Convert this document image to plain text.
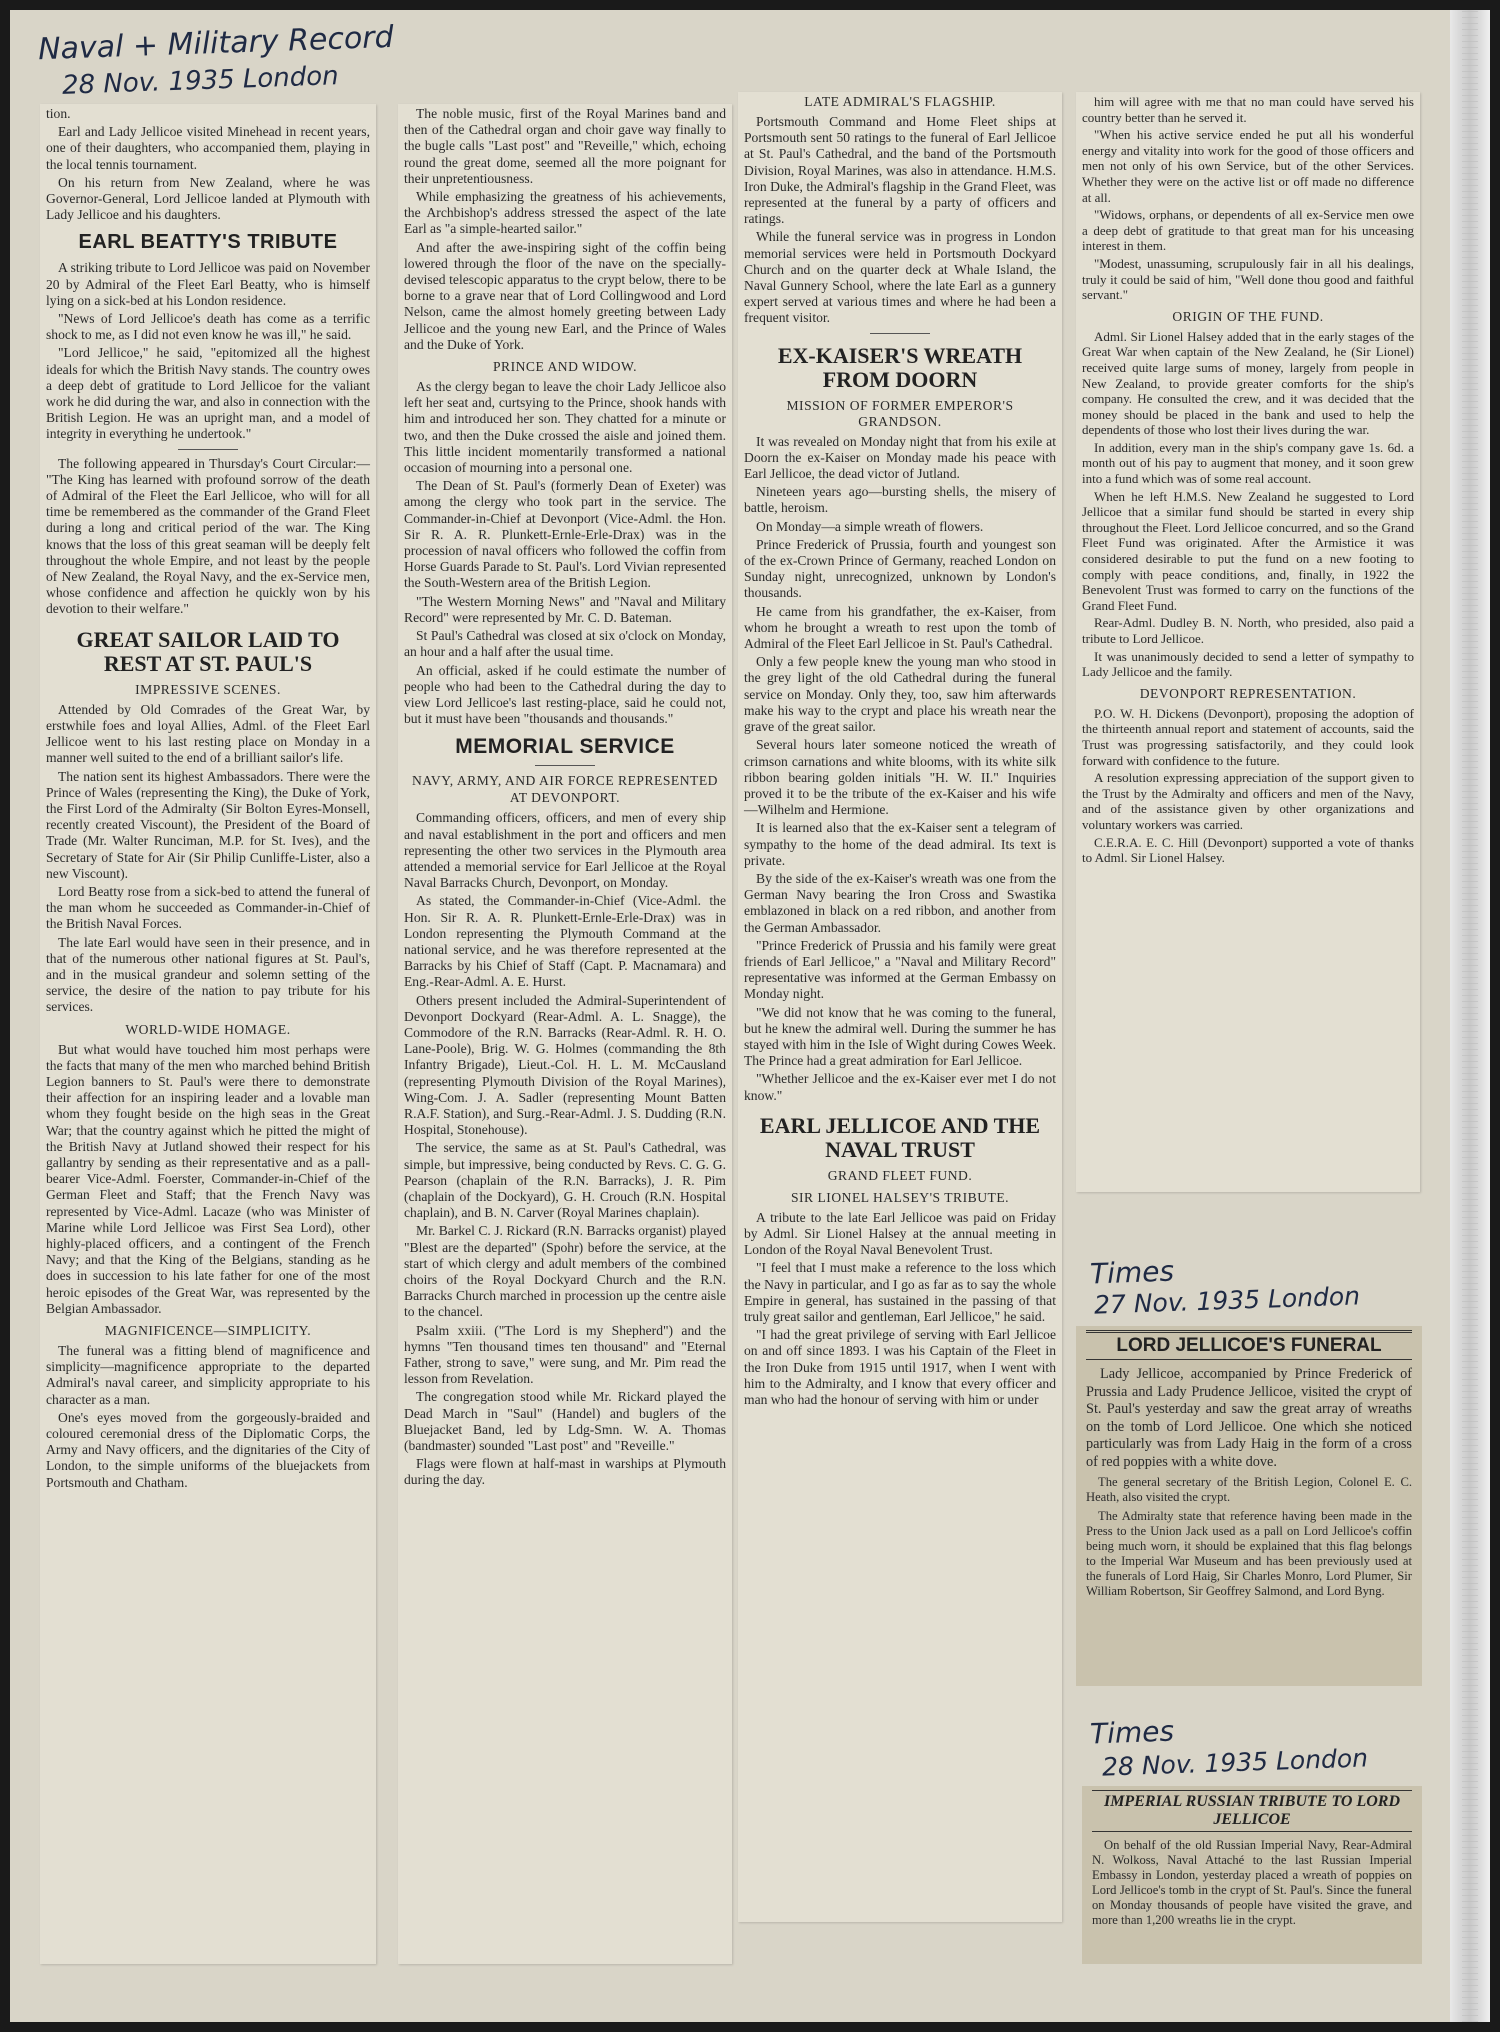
Naval + Military Record
28 Nov. 1935 London

tion.

Earl and Lady Jellicoe visited Minehead in recent years, one of their daughters, who accompanied them, playing in the local tennis tournament.

On his return from New Zealand, where he was Governor-General, Lord Jellicoe landed at Plymouth with Lady Jellicoe and his daughters.

EARL BEATTY'S TRIBUTE

A striking tribute to Lord Jellicoe was paid on November 20 by Admiral of the Fleet Earl Beatty, who is himself lying on a sick-bed at his London residence.

"News of Lord Jellicoe's death has come as a terrific shock to me, as I did not even know he was ill," he said.

"Lord Jellicoe," he said, "epitomized all the highest ideals for which the British Navy stands. The country owes a deep debt of gratitude to Lord Jellicoe for the valiant work he did during the war, and also in connection with the British Legion. He was an upright man, and a model of integrity in everything he undertook."

The following appeared in Thursday's Court Circular:— "The King has learned with profound sorrow of the death of Admiral of the Fleet the Earl Jellicoe, who will for all time be remembered as the commander of the Grand Fleet during a long and critical period of the war. The King knows that the loss of this great seaman will be deeply felt throughout the whole Empire, and not least by the people of New Zealand, the Royal Navy, and the ex-Service men, whose confidence and affection he quickly won by his devotion to their welfare."

GREAT SAILOR LAID TO REST AT ST. PAUL'S
IMPRESSIVE SCENES.

Attended by Old Comrades of the Great War, by erstwhile foes and loyal Allies, Adml. of the Fleet Earl Jellicoe went to his last resting place on Monday in a manner well suited to the end of a brilliant sailor's life.

The nation sent its highest Ambassadors. There were the Prince of Wales (representing the King), the Duke of York, the First Lord of the Admiralty (Sir Bolton Eyres-Monsell, recently created Viscount), the President of the Board of Trade (Mr. Walter Runciman, M.P. for St. Ives), and the Secretary of State for Air (Sir Philip Cunliffe-Lister, also a new Viscount).

Lord Beatty rose from a sick-bed to attend the funeral of the man whom he succeeded as Commander-in-Chief of the British Naval Forces.

The late Earl would have seen in their presence, and in that of the numerous other national figures at St. Paul's, and in the musical grandeur and solemn setting of the service, the desire of the nation to pay tribute for his services.

WORLD-WIDE HOMAGE.

But what would have touched him most perhaps were the facts that many of the men who marched behind British Legion banners to St. Paul's were there to demonstrate their affection for an inspiring leader and a lovable man whom they fought beside on the high seas in the Great War; that the country against which he pitted the might of the British Navy at Jutland showed their respect for his gallantry by sending as their representative and as a pall-bearer Vice-Adml. Foerster, Commander-in-Chief of the German Fleet and Staff; that the French Navy was represented by Vice-Adml. Lacaze (who was Minister of Marine while Lord Jellicoe was First Sea Lord), other highly-placed officers, and a contingent of the French Navy; and that the King of the Belgians, standing as he does in succession to his late father for one of the most heroic episodes of the Great War, was represented by the Belgian Ambassador.

MAGNIFICENCE—SIMPLICITY.

The funeral was a fitting blend of magnificence and simplicity—magnificence appropriate to the departed Admiral's naval career, and simplicity appropriate to his character as a man.

One's eyes moved from the gorgeously-braided and coloured ceremonial dress of the Diplomatic Corps, the Army and Navy officers, and the dignitaries of the City of London, to the simple uniforms of the bluejackets from Portsmouth and Chatham.

The noble music, first of the Royal Marines band and then of the Cathedral organ and choir gave way finally to the bugle calls "Last post" and "Reveille," which, echoing round the great dome, seemed all the more poignant for their unpretentiousness.

While emphasizing the greatness of his achievements, the Archbishop's address stressed the aspect of the late Earl as "a simple-hearted sailor."

And after the awe-inspiring sight of the coffin being lowered through the floor of the nave on the specially-devised telescopic apparatus to the crypt below, there to be borne to a grave near that of Lord Collingwood and Lord Nelson, came the almost homely greeting between Lady Jellicoe and the young new Earl, and the Prince of Wales and the Duke of York.

PRINCE AND WIDOW.

As the clergy began to leave the choir Lady Jellicoe also left her seat and, curtsying to the Prince, shook hands with him and introduced her son. They chatted for a minute or two, and then the Duke crossed the aisle and joined them. This little incident momentarily transformed a national occasion of mourning into a personal one.

The Dean of St. Paul's (formerly Dean of Exeter) was among the clergy who took part in the service. The Commander-in-Chief at Devonport (Vice-Adml. the Hon. Sir R. A. R. Plunkett-Ernle-Erle-Drax) was in the procession of naval officers who followed the coffin from Horse Guards Parade to St. Paul's. Lord Vivian represented the South-Western area of the British Legion.

"The Western Morning News" and "Naval and Military Record" were represented by Mr. C. D. Bateman.

St Paul's Cathedral was closed at six o'clock on Monday, an hour and a half after the usual time.

An official, asked if he could estimate the number of people who had been to the Cathedral during the day to view Lord Jellicoe's last resting-place, said he could not, but it must have been "thousands and thousands."

MEMORIAL SERVICE
NAVY, ARMY, AND AIR FORCE REPRESENTED AT DEVONPORT.

Commanding officers, officers, and men of every ship and naval establishment in the port and officers and men representing the other two services in the Plymouth area attended a memorial service for Earl Jellicoe at the Royal Naval Barracks Church, Devonport, on Monday.

As stated, the Commander-in-Chief (Vice-Adml. the Hon. Sir R. A. R. Plunkett-Ernle-Erle-Drax) was in London representing the Plymouth Command at the national service, and he was therefore represented at the Barracks by his Chief of Staff (Capt. P. Macnamara) and Eng.-Rear-Adml. A. E. Hurst.

Others present included the Admiral-Superintendent of Devonport Dockyard (Rear-Adml. A. L. Snagge), the Commodore of the R.N. Barracks (Rear-Adml. R. H. O. Lane-Poole), Brig. W. G. Holmes (commanding the 8th Infantry Brigade), Lieut.-Col. H. L. M. McCausland (representing Plymouth Division of the Royal Marines), Wing-Com. J. A. Sadler (representing Mount Batten R.A.F. Station), and Surg.-Rear-Adml. J. S. Dudding (R.N. Hospital, Stonehouse).

The service, the same as at St. Paul's Cathedral, was simple, but impressive, being conducted by Revs. C. G. G. Pearson (chaplain of the R.N. Barracks), J. R. Pim (chaplain of the Dockyard), G. H. Crouch (R.N. Hospital chaplain), and B. N. Carver (Royal Marines chaplain).

Mr. Barkel C. J. Rickard (R.N. Barracks organist) played "Blest are the departed" (Spohr) before the service, at the start of which clergy and adult members of the combined choirs of the Royal Dockyard Church and the R.N. Barracks Church marched in procession up the centre aisle to the chancel.

Psalm xxiii. ("The Lord is my Shepherd") and the hymns "Ten thousand times ten thousand" and "Eternal Father, strong to save," were sung, and Mr. Pim read the lesson from Revelation.

The congregation stood while Mr. Rickard played the Dead March in "Saul" (Handel) and buglers of the Bluejacket Band, led by Ldg-Smn. W. A. Thomas (bandmaster) sounded "Last post" and "Reveille."

Flags were flown at half-mast in warships at Plymouth during the day.

LATE ADMIRAL'S FLAGSHIP.

Portsmouth Command and Home Fleet ships at Portsmouth sent 50 ratings to the funeral of Earl Jellicoe at St. Paul's Cathedral, and the band of the Portsmouth Division, Royal Marines, was also in attendance. H.M.S. Iron Duke, the Admiral's flagship in the Grand Fleet, was represented at the funeral by a party of officers and ratings.

While the funeral service was in progress in London memorial services were held in Portsmouth Dockyard Church and on the quarter deck at Whale Island, the Naval Gunnery School, where the late Earl as a gunnery expert served at various times and where he had been a frequent visitor.

EX-KAISER'S WREATH FROM DOORN
MISSION OF FORMER EMPEROR'S GRANDSON.

It was revealed on Monday night that from his exile at Doorn the ex-Kaiser on Monday made his peace with Earl Jellicoe, the dead victor of Jutland.

Nineteen years ago—bursting shells, the misery of battle, heroism.

On Monday—a simple wreath of flowers.

Prince Frederick of Prussia, fourth and youngest son of the ex-Crown Prince of Germany, reached London on Sunday night, unrecognized, unknown by London's thousands.

He came from his grandfather, the ex-Kaiser, from whom he brought a wreath to rest upon the tomb of Admiral of the Fleet Earl Jellicoe in St. Paul's Cathedral.

Only a few people knew the young man who stood in the grey light of the old Cathedral during the funeral service on Monday. Only they, too, saw him afterwards make his way to the crypt and place his wreath near the grave of the great sailor.

Several hours later someone noticed the wreath of crimson carnations and white blooms, with its white silk ribbon bearing golden initials "H. W. II." Inquiries proved it to be the tribute of the ex-Kaiser and his wife—Wilhelm and Hermione.

It is learned also that the ex-Kaiser sent a telegram of sympathy to the home of the dead admiral. Its text is private.

By the side of the ex-Kaiser's wreath was one from the German Navy bearing the Iron Cross and Swastika emblazoned in black on a red ribbon, and another from the German Ambassador.

"Prince Frederick of Prussia and his family were great friends of Earl Jellicoe," a "Naval and Military Record" representative was informed at the German Embassy on Monday night.

"We did not know that he was coming to the funeral, but he knew the admiral well. During the summer he has stayed with him in the Isle of Wight during Cowes Week. The Prince had a great admiration for Earl Jellicoe.

"Whether Jellicoe and the ex-Kaiser ever met I do not know."

EARL JELLICOE AND THE NAVAL TRUST
GRAND FLEET FUND.
SIR LIONEL HALSEY'S TRIBUTE.

A tribute to the late Earl Jellicoe was paid on Friday by Adml. Sir Lionel Halsey at the annual meeting in London of the Royal Naval Benevolent Trust.

"I feel that I must make a reference to the loss which the Navy in particular, and I go as far as to say the whole Empire in general, has sustained in the passing of that truly great sailor and gentleman, Earl Jellicoe," he said.

"I had the great privilege of serving with Earl Jellicoe on and off since 1893. I was his Captain of the Fleet in the Iron Duke from 1915 until 1917, when I went with him to the Admiralty, and I know that every officer and man who had the honour of serving with him or under

him will agree with me that no man could have served his country better than he served it.

"When his active service ended he put all his wonderful energy and vitality into work for the good of those officers and men not only of his own Service, but of the other Services. Whether they were on the active list or off made no difference at all.

"Widows, orphans, or dependents of all ex-Service men owe a deep debt of gratitude to that great man for his unceasing interest in them.

"Modest, unassuming, scrupulously fair in all his dealings, truly it could be said of him, "Well done thou good and faithful servant."

ORIGIN OF THE FUND.

Adml. Sir Lionel Halsey added that in the early stages of the Great War when captain of the New Zealand, he (Sir Lionel) received quite large sums of money, largely from people in New Zealand, to provide greater comforts for the ship's company. He consulted the crew, and it was decided that the money should be placed in the bank and used to help the dependents of those who lost their lives during the war.

In addition, every man in the ship's company gave 1s. 6d. a month out of his pay to augment that money, and it soon grew into a fund which was of some real account.

When he left H.M.S. New Zealand he suggested to Lord Jellicoe that a similar fund should be started in every ship throughout the Fleet. Lord Jellicoe concurred, and so the Grand Fleet Fund was originated. After the Armistice it was considered desirable to put the fund on a new footing to comply with peace conditions, and, finally, in 1922 the Benevolent Trust was formed to carry on the functions of the Grand Fleet Fund.

Rear-Adml. Dudley B. N. North, who presided, also paid a tribute to Lord Jellicoe.

It was unanimously decided to send a letter of sympathy to Lady Jellicoe and the family.

DEVONPORT REPRESENTATION.

P.O. W. H. Dickens (Devonport), proposing the adoption of the thirteenth annual report and statement of accounts, said the Trust was progressing satisfactorily, and they could look forward with confidence to the future.

A resolution expressing appreciation of the support given to the Trust by the Admiralty and officers and men of the Navy, and of the assistance given by other organizations and voluntary workers was carried.

C.E.R.A. E. C. Hill (Devonport) supported a vote of thanks to Adml. Sir Lionel Halsey.

Times
27 Nov. 1935 London
LORD JELLICOE'S FUNERAL

Lady Jellicoe, accompanied by Prince Frederick of Prussia and Lady Prudence Jellicoe, visited the crypt of St. Paul's yesterday and saw the great array of wreaths on the tomb of Lord Jellicoe. One which she noticed particularly was from Lady Haig in the form of a cross of red poppies with a white dove.

The general secretary of the British Legion, Colonel E. C. Heath, also visited the crypt.

The Admiralty state that reference having been made in the Press to the Union Jack used as a pall on Lord Jellicoe's coffin being much worn, it should be explained that this flag belongs to the Imperial War Museum and has been previously used at the funerals of Lord Haig, Sir Charles Monro, Lord Plumer, Sir William Robertson, Sir Geoffrey Salmond, and Lord Byng.

Times
28 Nov. 1935 London
IMPERIAL RUSSIAN TRIBUTE TO LORD JELLICOE

On behalf of the old Russian Imperial Navy, Rear-Admiral N. Wolkoss, Naval Attaché to the last Russian Imperial Embassy in London, yesterday placed a wreath of poppies on Lord Jellicoe's tomb in the crypt of St. Paul's. Since the funeral on Monday thousands of people have visited the grave, and more than 1,200 wreaths lie in the crypt.
